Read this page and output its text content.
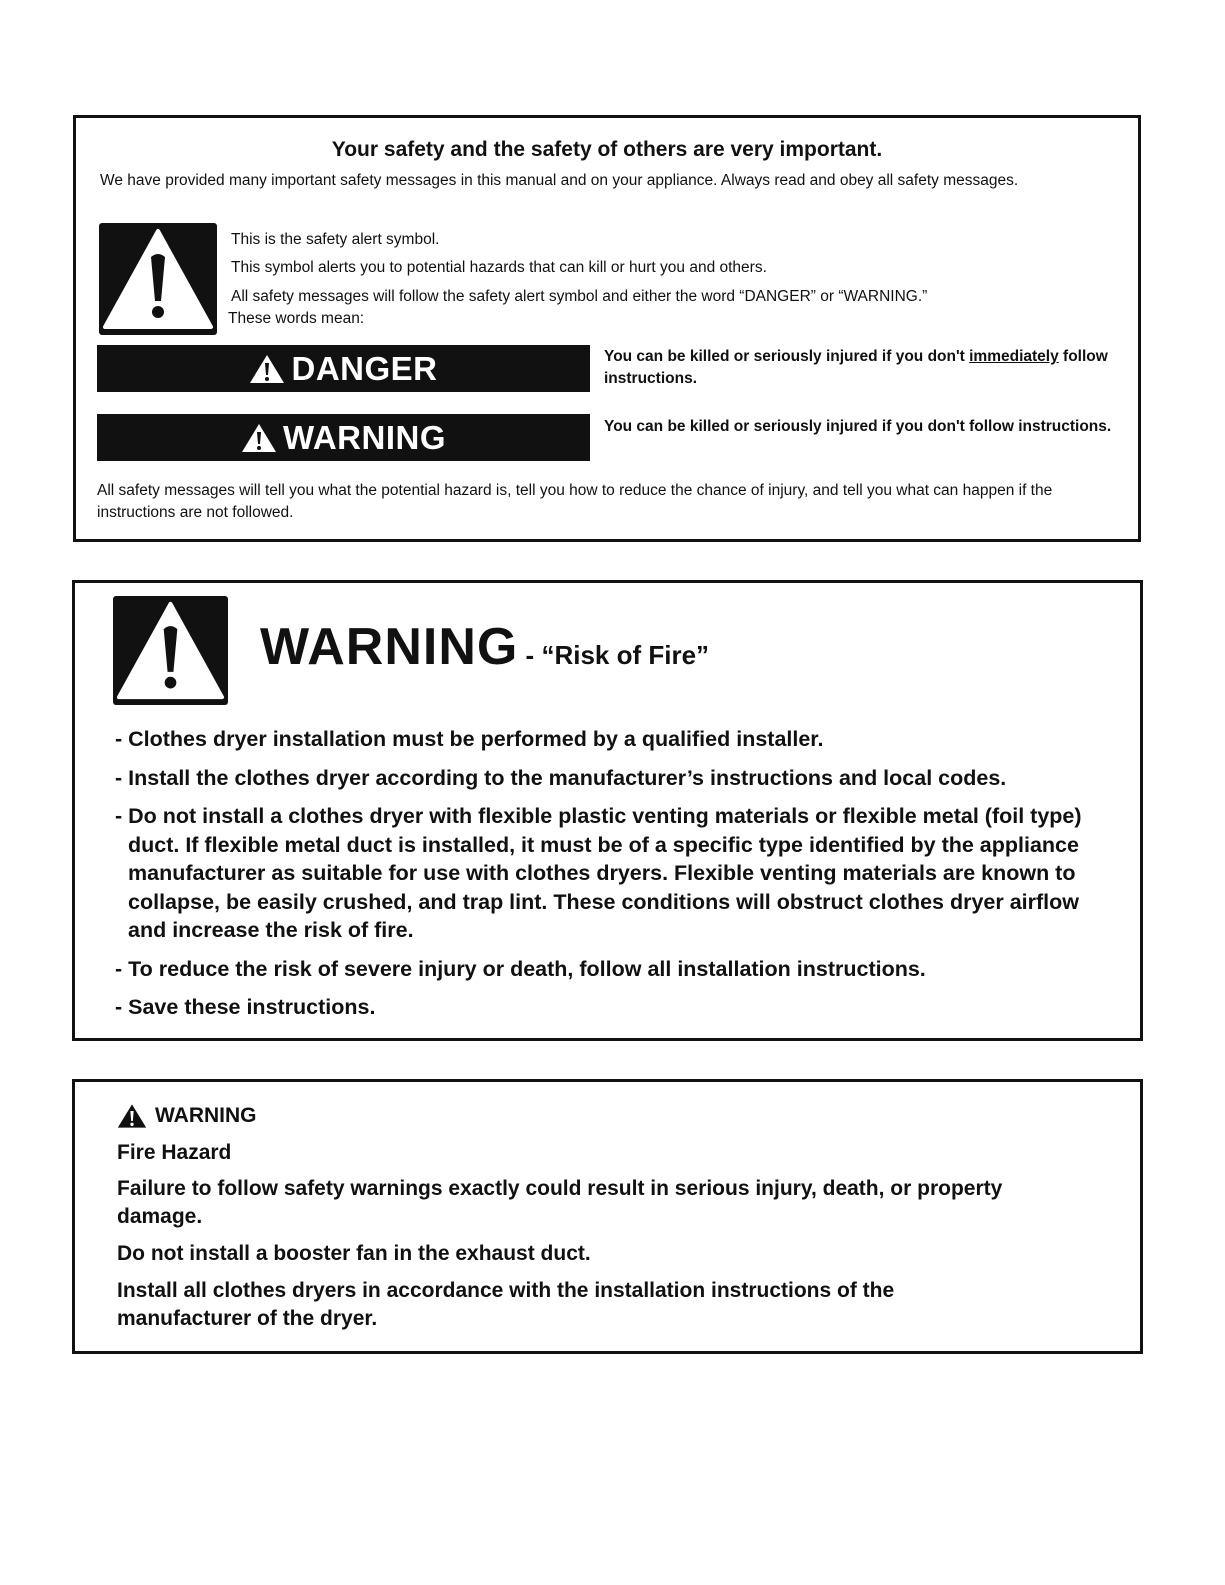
Your safety and the safety of others are very important.
We have provided many important safety messages in this manual and on your appliance. Always read and obey all safety messages.
This is the safety alert symbol.
This symbol alerts you to potential hazards that can kill or hurt you and others.
All safety messages will follow the safety alert symbol and either the word “DANGER” or “WARNING.”
These words mean:
DANGER	You can be killed or seriously injured if you don't immediately follow instructions.
WARNING	You can be killed or seriously injured if you don't follow instructions.
All safety messages will tell you what the potential hazard is, tell you how to reduce the chance of injury, and tell you what can happen if the instructions are not followed.
WARNING - “Risk of Fire”
- Clothes dryer installation must be performed by a qualified installer.
- Install the clothes dryer according to the manufacturer’s instructions and local codes.
- Do not install a clothes dryer with flexible plastic venting materials or flexible metal (foil type) duct. If flexible metal duct is installed, it must be of a specific type identified by the appliance manufacturer as suitable for use with clothes dryers. Flexible venting materials are known to collapse, be easily crushed, and trap lint. These conditions will obstruct clothes dryer airflow and increase the risk of fire.
- To reduce the risk of severe injury or death, follow all installation instructions.
- Save these instructions.
WARNING
Fire Hazard

Failure to follow safety warnings exactly could result in serious injury, death, or property damage.

Do not install a booster fan in the exhaust duct.

Install all clothes dryers in accordance with the installation instructions of the manufacturer of the dryer.
